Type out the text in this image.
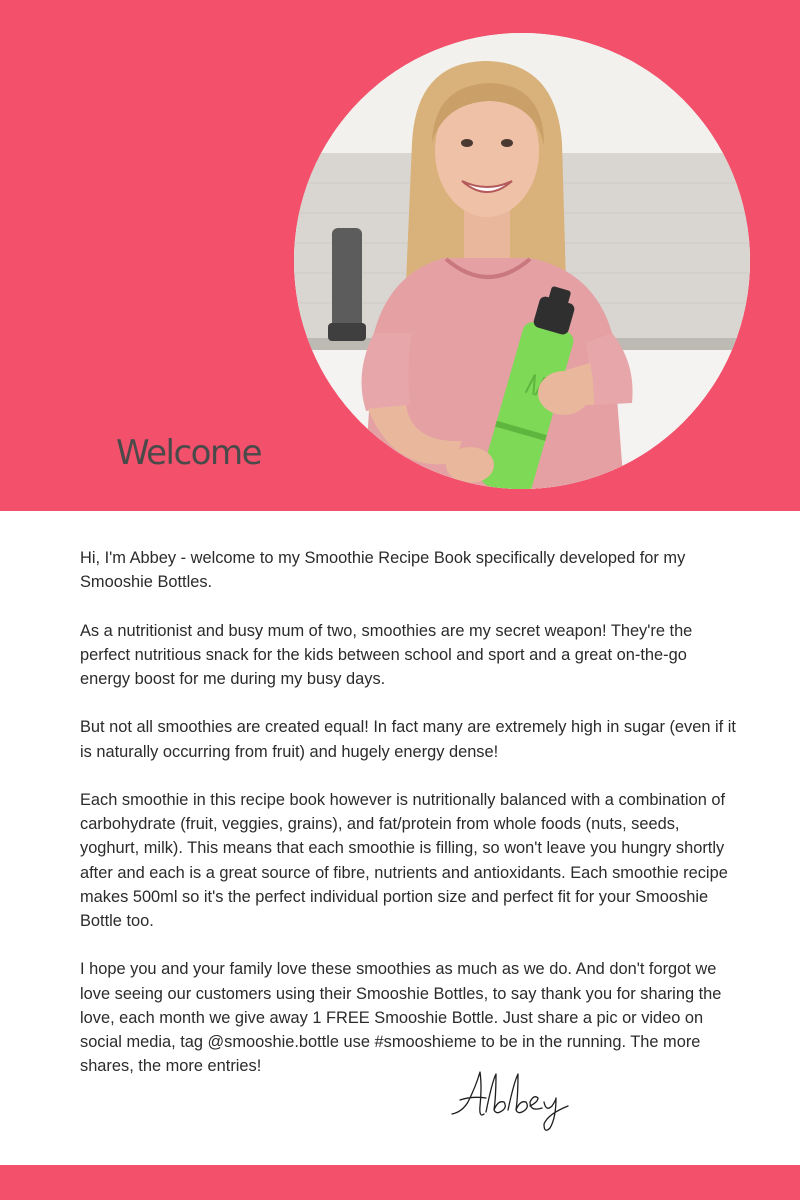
Welcome

Hi, I'm Abbey - welcome to my Smoothie Recipe Book specifically developed for my Smooshie Bottles.

As a nutritionist and busy mum of two, smoothies are my secret weapon! They're the perfect nutritious snack for the kids between school and sport and a great on-the-go energy boost for me during my busy days.

But not all smoothies are created equal! In fact many are extremely high in sugar (even if it is naturally occurring from fruit) and hugely energy dense!

Each smoothie in this recipe book however is nutritionally balanced with a combination of carbohydrate (fruit, veggies, grains), and fat/protein from whole foods (nuts, seeds, yoghurt, milk). This means that each smoothie is filling, so won't leave you hungry shortly after and each is a great source of fibre, nutrients and antioxidants. Each smoothie recipe makes 500ml so it's the perfect individual portion size and perfect fit for your Smooshie Bottle too.

I hope you and your family love these smoothies as much as we do. And don't forgot we love seeing our customers using their Smooshie Bottles, to say thank you for sharing the love, each month we give away 1 FREE Smooshie Bottle. Just share a pic or video on social media, tag @smooshie.bottle use #smooshieme to be in the running. The more shares, the more entries!
